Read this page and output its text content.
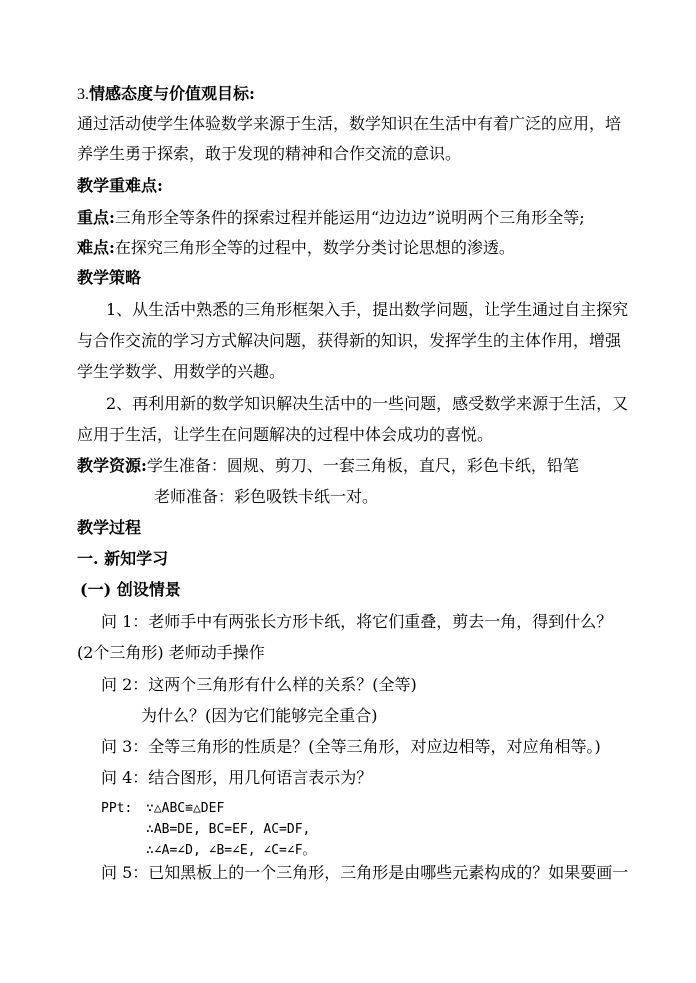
3.情感态度与价值观目标:
通过活动使学生体验数学来源于生活，数学知识在生活中有着广泛的应用，培
养学生勇于探索，敢于发现的精神和合作交流的意识。
教学重难点:
重点:三角形全等条件的探索过程并能运用“边边边”说明两个三角形全等;
难点:在探究三角形全等的过程中，数学分类讨论思想的渗透。
教学策略
1、从生活中熟悉的三角形框架入手，提出数学问题，让学生通过自主探究
与合作交流的学习方式解决问题，获得新的知识，发挥学生的主体作用，增强
学生学数学、用数学的兴趣。
2、再利用新的数学知识解决生活中的一些问题，感受数学来源于生活，又
应用于生活，让学生在问题解决的过程中体会成功的喜悦。
教学资源:学生准备：圆规、剪刀、一套三角板，直尺，彩色卡纸，铅笔
老师准备：彩色吸铁卡纸一对。
教学过程
一. 新知学习
(一) 创设情景
问 1：老师手中有两张长方形卡纸，将它们重叠，剪去一角，得到什么？
(2个三角形) 老师动手操作
问 2：这两个三角形有什么样的关系？(全等)
为什么？(因为它们能够完全重合)
问 3：全等三角形的性质是？(全等三角形，对应边相等，对应角相等。)
问 4：结合图形，用几何语言表示为？
PPt: ∵△ABC≌△DEF
∴AB=DE, BC=EF, AC=DF,
∴∠A=∠D, ∠B=∠E, ∠C=∠F。
问 5：已知黑板上的一个三角形，三角形是由哪些元素构成的？如果要画一
